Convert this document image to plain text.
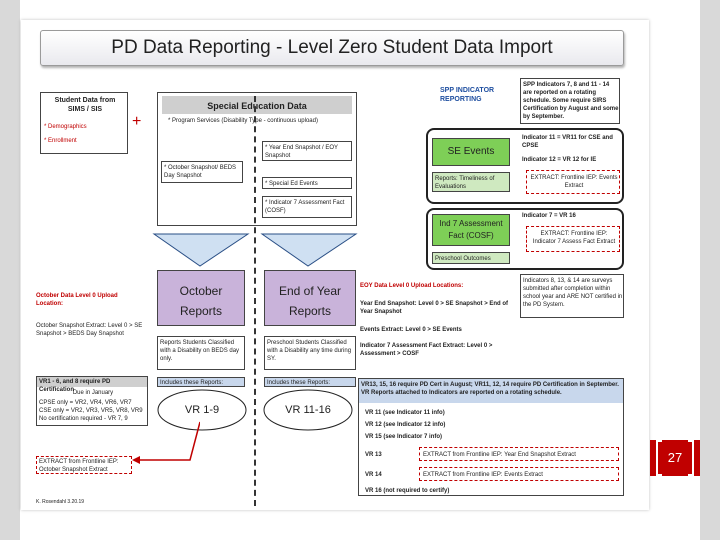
PD Data Reporting - Level Zero Student Data Import
Student Data from SIMS / SIS
* Demographics
* Enrollment
+
Special Education Data
* Program Services (Disability Type - continuous upload)
* Year End Snapshot / EOY Snapshot
* October Snapshot/ BEDS Day Snapshot
* Special Ed Events
* Indicator 7 Assessment Fact (COSF)
October Reports
End of Year Reports
Reports Students Classified with a Disability on BEDS day only.
Preschool Students Classified with a Disability any time during SY.
Includes these Reports:	Includes these Reports:
VR 1-9	VR 11-16
October Data Level 0 Upload Location:
October Snapshot Extract: Level 0 > SE Snapshot > BEDS Day Snapshot
VR1 - 6, and 8 require PD Certification
Due in January
CPSE only = VR2, VR4, VR6, VR7
CSE only = VR2, VR3, VR5, VR8, VR9
No certification required - VR 7, 9
EXTRACT from Frontline IEP: October Snapshot Extract
K. Rosendahl 3.20.19
EOY Data Level 0 Upload Locations:
Year End Snapshot: Level 0 > SE Snapshot > End of Year Snapshot
Events Extract: Level 0 > SE Events
Indicator 7 Assessment Fact Extract: Level 0 > Assessment > COSF
SPP INDICATOR REPORTING
SPP Indicators 7, 8 and 11 - 14 are reported on a rotating schedule. Some require SIRS Certification by August and some by September.
SE Events
Reports: Timeliness of Evaluations
Indicator 11 = VR11 for CSE and CPSE
Indicator 12 = VR 12 for IE
EXTRACT: Frontline IEP: Events Extract
Ind 7 Assessment Fact (COSF)
Preschool Outcomes
Indicator 7 = VR 16
EXTRACT: Frontline IEP: Indicator 7 Assess Fact Extract
Indicators 8, 13, & 14 are surveys submitted after completion within school year and ARE NOT certified in the PD System.
VR13, 15, 16 require PD Cert in August; VR11, 12, 14 require PD Certification in September. VR Reports attached to Indicators are reported on a rotating schedule.
VR 11 (see Indicator 11 info)
VR 12 (see Indicator 12 info)
VR 15 (see Indicator 7 info)
VR 13
VR 14
VR 16 (not required to certify)
EXTRACT from Frontline IEP: Year End Snapshot Extract
EXTRACT from Frontline IEP: Events Extract
27
